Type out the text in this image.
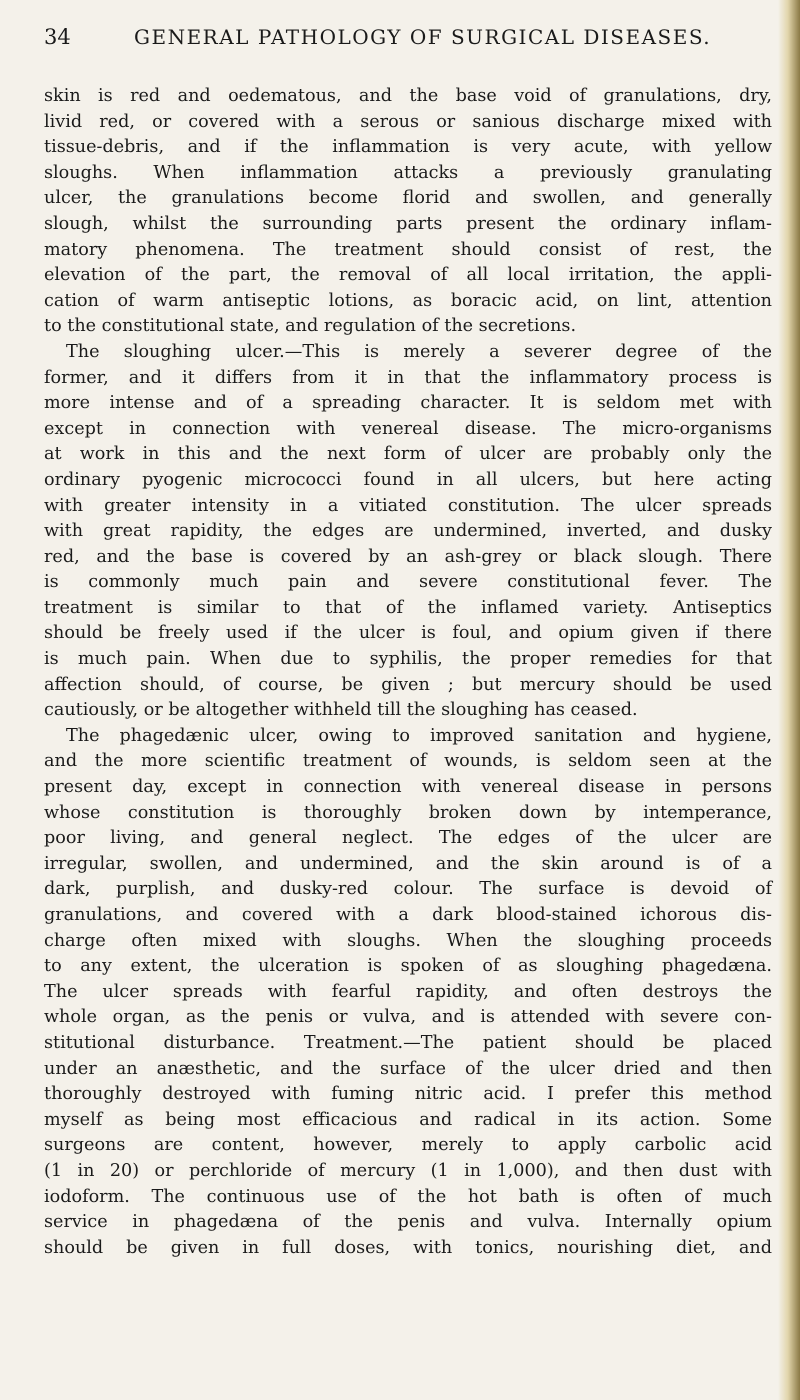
34	GENERAL PATHOLOGY OF SURGICAL DISEASES.
skin is red and oedematous, and the base void of granulations, dry,
livid red, or covered with a serous or sanious discharge mixed with
tissue-debris, and if the inflammation is very acute, with yellow
sloughs. When inflammation attacks a previously granulating
ulcer, the granulations become florid and swollen, and generally
slough, whilst the surrounding parts present the ordinary inflam-
matory phenomena. The treatment should consist of rest, the
elevation of the part, the removal of all local irritation, the appli-
cation of warm antiseptic lotions, as boracic acid, on lint, attention
to the constitutional state, and regulation of the secretions.
The sloughing ulcer.—This is merely a severer degree of the
former, and it differs from it in that the inflammatory process is
more intense and of a spreading character. It is seldom met with
except in connection with venereal disease. The micro-organisms
at work in this and the next form of ulcer are probably only the
ordinary pyogenic micrococci found in all ulcers, but here acting
with greater intensity in a vitiated constitution. The ulcer spreads
with great rapidity, the edges are undermined, inverted, and dusky
red, and the base is covered by an ash-grey or black slough. There
is commonly much pain and severe constitutional fever. The
treatment is similar to that of the inflamed variety. Antiseptics
should be freely used if the ulcer is foul, and opium given if there
is much pain. When due to syphilis, the proper remedies for that
affection should, of course, be given ; but mercury should be used
cautiously, or be altogether withheld till the sloughing has ceased.
The phagedænic ulcer, owing to improved sanitation and hygiene,
and the more scientific treatment of wounds, is seldom seen at the
present day, except in connection with venereal disease in persons
whose constitution is thoroughly broken down by intemperance,
poor living, and general neglect. The edges of the ulcer are
irregular, swollen, and undermined, and the skin around is of a
dark, purplish, and dusky-red colour. The surface is devoid of
granulations, and covered with a dark blood-stained ichorous dis-
charge often mixed with sloughs. When the sloughing proceeds
to any extent, the ulceration is spoken of as sloughing phagedæna.
The ulcer spreads with fearful rapidity, and often destroys the
whole organ, as the penis or vulva, and is attended with severe con-
stitutional disturbance. Treatment.—The patient should be placed
under an anæsthetic, and the surface of the ulcer dried and then
thoroughly destroyed with fuming nitric acid. I prefer this method
myself as being most efficacious and radical in its action. Some
surgeons are content, however, merely to apply carbolic acid
(1 in 20) or perchloride of mercury (1 in 1,000), and then dust with
iodoform. The continuous use of the hot bath is often of much
service in phagedæna of the penis and vulva. Internally opium
should be given in full doses, with tonics, nourishing diet, and
